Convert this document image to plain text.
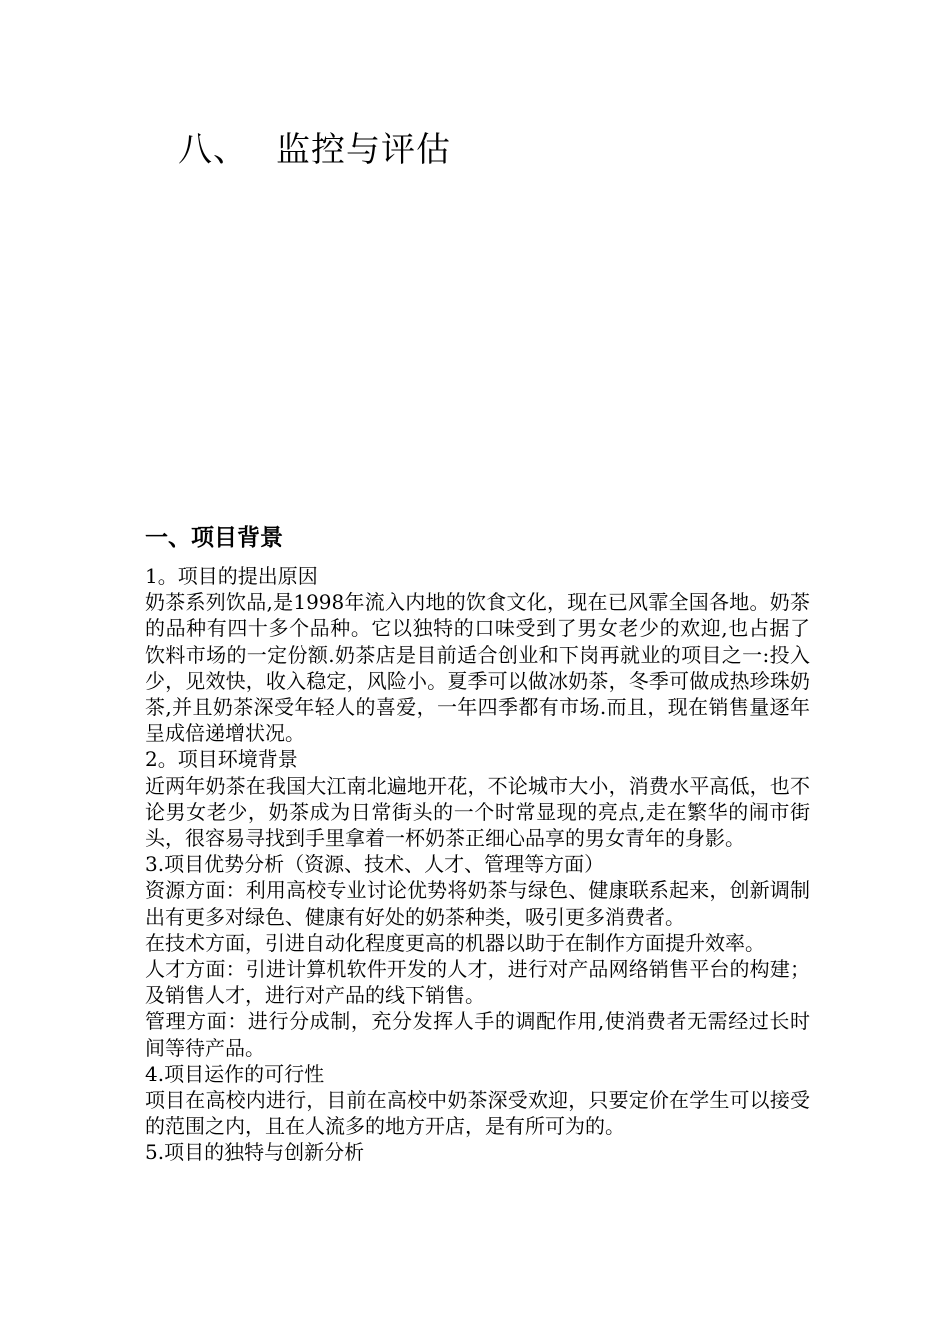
八、 监控与评估
一、项目背景

1。项目的提出原因

奶茶系列饮品,是1998年流入内地的饮食文化，现在已风霏全国各地。奶茶的品种有四十多个品种。它以独特的口味受到了男女老少的欢迎,也占据了饮料市场的一定份额.奶茶店是目前适合创业和下岗再就业的项目之一:投入少，见效快，收入稳定，风险小。夏季可以做冰奶茶，冬季可做成热珍珠奶茶,并且奶茶深受年轻人的喜爱，一年四季都有市场.而且，现在销售量逐年呈成倍递增状况。

2。项目环境背景

近两年奶茶在我国大江南北遍地开花，不论城市大小，消费水平高低，也不论男女老少，奶茶成为日常街头的一个时常显现的亮点,走在繁华的闹市街头，很容易寻找到手里拿着一杯奶茶正细心品享的男女青年的身影。

3.项目优势分析（资源、技术、人才、管理等方面）

资源方面：利用高校专业讨论优势将奶茶与绿色、健康联系起来，创新调制出有更多对绿色、健康有好处的奶茶种类，吸引更多消费者。

在技术方面，引进自动化程度更高的机器以助于在制作方面提升效率。

人才方面：引进计算机软件开发的人才，进行对产品网络销售平台的构建；及销售人才，进行对产品的线下销售。

管理方面：进行分成制，充分发挥人手的调配作用,使消费者无需经过长时间等待产品。

4.项目运作的可行性

项目在高校内进行，目前在高校中奶茶深受欢迎，只要定价在学生可以接受的范围之内，且在人流多的地方开店，是有所可为的。

5.项目的独特与创新分析
